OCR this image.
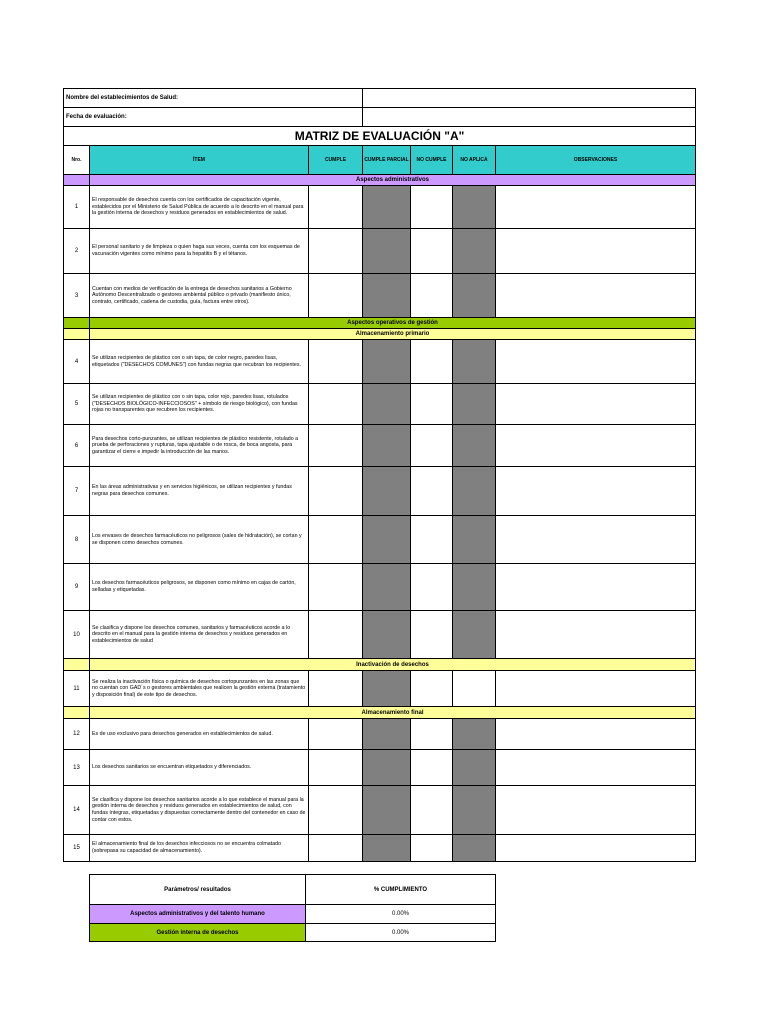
Nombre del establecimientos de Salud:						
Fecha de evaluación:						
MATRIZ DE EVALUACIÓN "A"						
Nro.	ÍTEM	CUMPLE	CUMPLE PARCIAL	NO CUMPLE	NO APLICA	OBSERVACIONES
	Aspectos administrativos					
1	El responsable de desechos cuenta con los certificados de capacitación vigente, establecidos por el Ministerio de Salud Pública de acuerdo a lo descrito en el manual para la gestión interna de desechos y residuos generados en establecimientos de salud.					
2	El personal sanitario y de limpieza o quien haga sus veces, cuenta con los esquemas de vacunación vigentes como mínimo para la hepatitis B y el tétanos.					
3	Cuentan con medios de verificación de la entrega de desechos sanitarios a Gobierno Autónomo Descentralizado o gestores ambiental público o privado (manifiesto único, contrato, certificado, cadena de custodia, guía, factura entre otros).					
	Aspectos operativos de gestión					
	Almacenamiento primario					
4	Se utilizan recipientes de plástico con o sin tapa, de color negro, paredes lisas, etiquetados ("DESECHOS COMUNES") con fundas negras que recubran los recipientes.					
5	Se utilizan recipientes de plástico con o sin tapa, color rojo, paredes lisas, rotulados ("DESECHOS BIOLÓGICO-INFECCIOSOS" + símbolo de riesgo biológico), con fundas rojas no transparentes que recubren los recipientes.					
6	Para desechos corto-punzantes, se utilizan recipientes de plástico resistente, rotulado a prueba de perforaciones y rupturas, tapa ajustable o de rosca, de boca angosta, para garantizar el cierre e impedir la introducción de las manos.					
7	En las áreas administrativas y en servicios higiénicos, se utilizan recipientes y fundas negras para desechos comunes.					
8	Los envases de desechos farmacéuticos no peligrosos (sales de hidratación), se cortan y se disponen como desechos comunes.					
9	Los desechos farmacéuticos peligrosos, se disponen como mínimo en cajas de cartón, selladas y etiquetadas.					
10	Se clasifica y dispone los desechos comunes, sanitarios y farmacéuticos acorde a lo descrito en el manual para la gestión interna de desechos y residuos generados en establecimientos de salud					
	Inactivación de desechos					
11	Se realiza la inactivación física o química de desechos cortopunzantes en las zonas que no cuentan con GAD´s o gestores ambientales que realicen la gestión externa (tratamiento y disposición final) de este tipo de desechos.					
	Almacenamiento final					
12	Es de uso exclusivo para desechos generados en establecimientos de salud.					
13	Los desechos sanitarios se encuentran etiquetados y diferenciados.					
14	Se clasifica y dispone los desechos sanitarios acorde a lo que establece el manual para la gestión interna de desechos y residuos generados en establecimientos de salud, con fundas íntegras, etiquetadas y dispuestas correctamente dentro del contenedor en caso de contar con estos.					
15	El almacenamiento final de los desechos infecciosos no se encuentra colmatado (sobrepasa su capacidad de almacenamiento).					
Parámetros/ resultados	% CUMPLIMIENTO
Aspectos administrativos y del talento humano	0.00%
Gestión interna de desechos	0.00%
